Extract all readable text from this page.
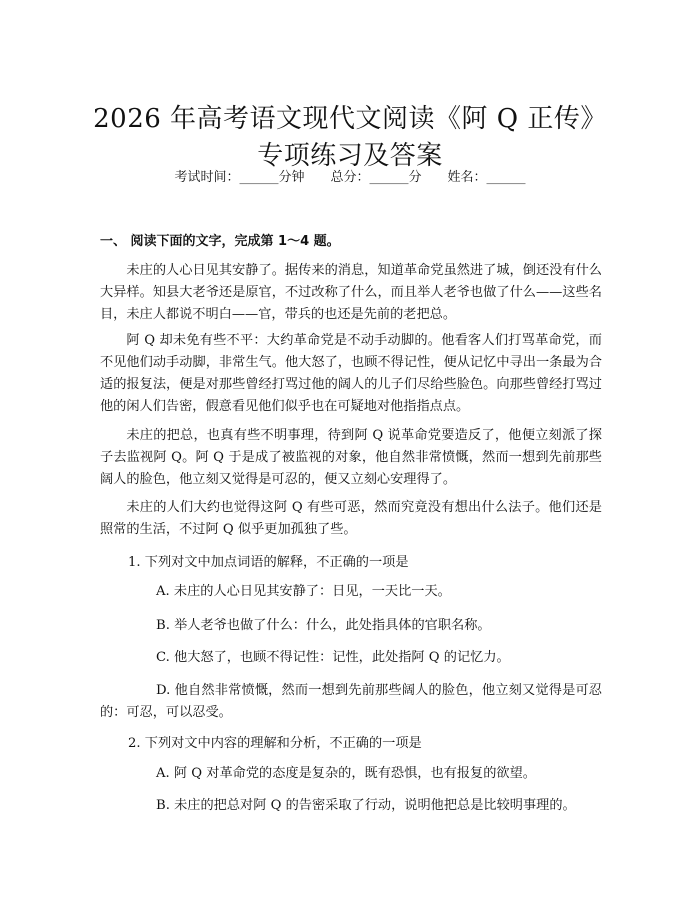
2026 年高考语文现代文阅读《阿 Q 正传》专项练习及答案
考试时间：______分钟 总分：______分 姓名：______
一、 阅读下面的文字，完成第 1～4 题。

未庄的人心日见其安静了。据传来的消息，知道革命党虽然进了城，倒还没有什么大异样。知县大老爷还是原官，不过改称了什么，而且举人老爷也做了什么——这些名目，未庄人都说不明白——官，带兵的也还是先前的老把总。

阿 Q 却未免有些不平：大约革命党是不动手动脚的。他看客人们打骂革命党，而不见他们动手动脚，非常生气。他大怒了，也顾不得记性，便从记忆中寻出一条最为合适的报复法，便是对那些曾经打骂过他的阔人的儿子们尽给些脸色。向那些曾经打骂过他的闲人们告密，假意看见他们似乎也在可疑地对他指指点点。

未庄的把总，也真有些不明事理，待到阿 Q 说革命党要造反了，他便立刻派了探子去监视阿 Q。阿 Q 于是成了被监视的对象，他自然非常愤慨，然而一想到先前那些阔人的脸色，他立刻又觉得是可忍的，便又立刻心安理得了。

未庄的人们大约也觉得这阿 Q 有些可恶，然而究竟没有想出什么法子。他们还是照常的生活，不过阿 Q 似乎更加孤独了些。

1. 下列对文中加点词语的解释，不正确的一项是

A. 未庄的人心日见其安静了：日见，一天比一天。

B. 举人老爷也做了什么：什么，此处指具体的官职名称。

C. 他大怒了，也顾不得记性：记性，此处指阿 Q 的记忆力。

D. 他自然非常愤慨，然而一想到先前那些阔人的脸色，他立刻又觉得是可忍的：可忍，可以忍受。

2. 下列对文中内容的理解和分析，不正确的一项是

A. 阿 Q 对革命党的态度是复杂的，既有恐惧，也有报复的欲望。

B. 未庄的把总对阿 Q 的告密采取了行动，说明他把总是比较明事理的。
